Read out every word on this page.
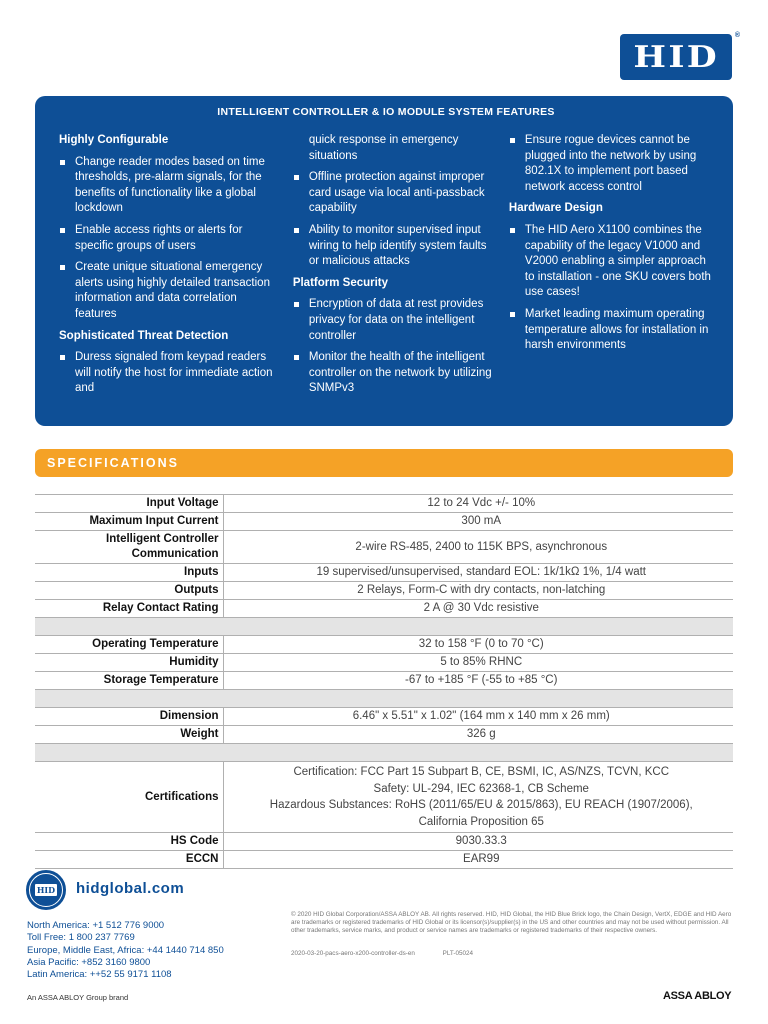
HID
®
INTELLIGENT CONTROLLER & IO MODULE SYSTEM FEATURES
Highly Configurable
Change reader modes based on time thresholds, pre-alarm signals, for the benefits of functionality like a global lockdown
Enable access rights or alerts for specific groups of users
Create unique situational emergency alerts using highly detailed transaction information and data correlation features
Sophisticated Threat Detection
Duress signaled from keypad readers will notify the host for immediate action and
quick response in emergency situations
Offline protection against improper card usage via local anti-passback capability
Ability to monitor supervised input wiring to help identify system faults or malicious attacks
Platform Security
Encryption of data at rest provides privacy for data on the intelligent controller
Monitor the health of the intelligent controller on the network by utilizing SNMPv3
Ensure rogue devices cannot be plugged into the network by using 802.1X to implement port based network access control
Hardware Design
The HID Aero X1100 combines the capability of the legacy V1000 and V2000 enabling a simpler approach to installation - one SKU covers both use cases!
Market leading maximum operating temperature allows for installation in harsh environments
SPECIFICATIONS
Input Voltage	12 to 24 Vdc +/- 10%
Maximum Input Current	300 mA
Intelligent Controller Communication	2-wire RS-485, 2400 to 115K BPS, asynchronous
Inputs	19 supervised/unsupervised, standard EOL: 1k/1kΩ 1%, 1/4 watt
Outputs	2 Relays, Form-C with dry contacts, non-latching
Relay Contact Rating	2 A @ 30 Vdc resistive

Operating Temperature	32 to 158 °F (0 to 70 °C)
Humidity	5 to 85% RHNC
Storage Temperature	-67 to +185 °F (-55 to +85 °C)

Dimension	6.46" x 5.51" x 1.02" (164 mm x 140 mm x 26 mm)
Weight	326 g

Certifications	Certification: FCC Part 15 Subpart B, CE, BSMI, IC, AS/NZS, TCVN, KCC
Safety: UL-294, IEC 62368-1, CB Scheme
Hazardous Substances: RoHS (2011/65/EU & 2015/863), EU REACH (1907/2006),
California Proposition 65

HS Code	9030.33.3
ECCN	EAR99
HID hidglobal.com
North America: +1 512 776 9000
Toll Free: 1 800 237 7769
Europe, Middle East, Africa: +44 1440 714 850
Asia Pacific: +852 3160 9800
Latin America: ++52 55 9171 1108
© 2020 HID Global Corporation/ASSA ABLOY AB. All rights reserved. HID, HID Global, the HID Blue Brick logo, the Chain Design, VertX, EDGE and HID Aero are trademarks or registered trademarks of HID Global or its licensor(s)/supplier(s) in the US and other countries and may not be used without permission. All other trademarks, service marks, and product or service names are trademarks or registered trademarks of their respective owners.
2020-03-20-pacs-aero-x200-controller-ds-en	PLT-05024
An ASSA ABLOY Group brand	ASSA ABLOY
